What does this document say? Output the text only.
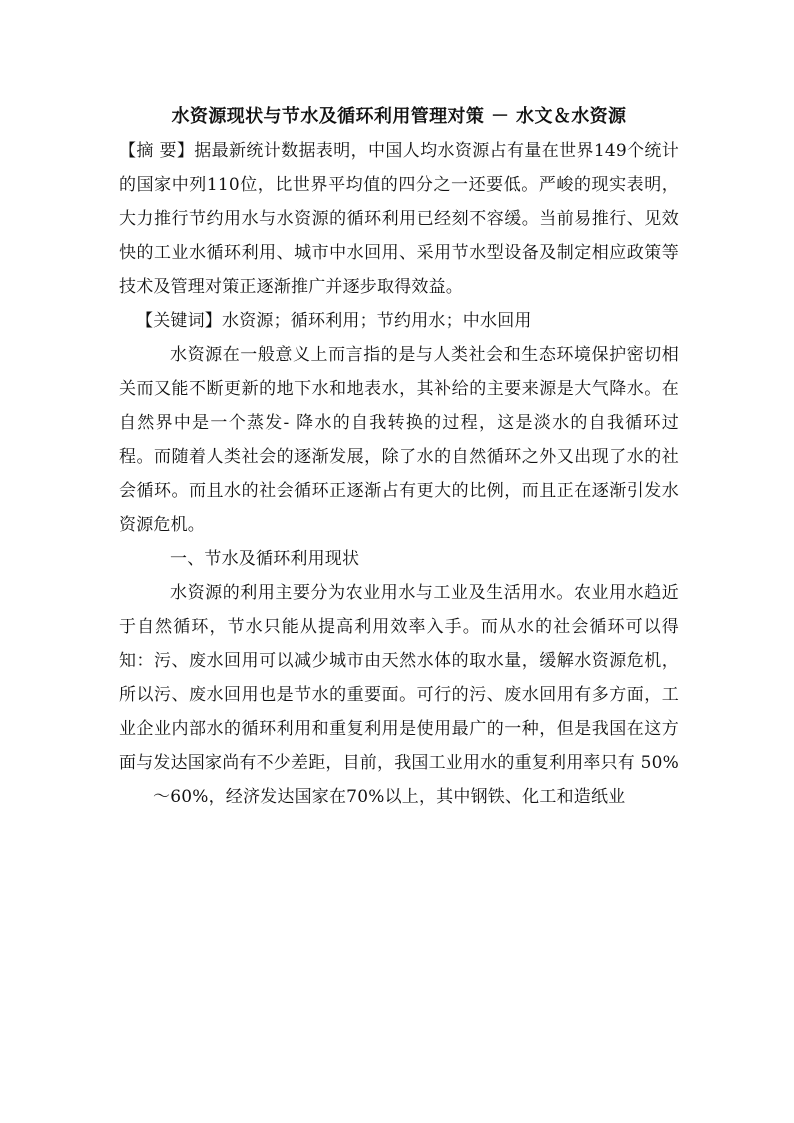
水资源现状与节水及循环利用管理对策 － 水文＆水资源

【摘 要】据最新统计数据表明，中国人均水资源占有量在世界149个统计的国家中列110位，比世界平均值的四分之一还要低。严峻的现实表明，大力推行节约用水与水资源的循环利用已经刻不容缓。当前易推行、见效快的工业水循环利用、城市中水回用、采用节水型设备及制定相应政策等技术及管理对策正逐渐推广并逐步取得效益。

【关键词】水资源；循环利用；节约用水；中水回用

水资源在一般意义上而言指的是与人类社会和生态环境保护密切相关而又能不断更新的地下水和地表水，其补给的主要来源是大气降水。在自然界中是一个蒸发- 降水的自我转换的过程，这是淡水的自我循环过程。而随着人类社会的逐渐发展，除了水的自然循环之外又出现了水的社会循环。而且水的社会循环正逐渐占有更大的比例，而且正在逐渐引发水资源危机。

一、节水及循环利用现状

水资源的利用主要分为农业用水与工业及生活用水。农业用水趋近于自然循环，节水只能从提高利用效率入手。而从水的社会循环可以得知：污、废水回用可以减少城市由天然水体的取水量，缓解水资源危机，所以污、废水回用也是节水的重要面。可行的污、废水回用有多方面，工业企业内部水的循环利用和重复利用是使用最广的一种，但是我国在这方面与发达国家尚有不少差距，目前，我国工业用水的重复利用率只有 50%

～60%，经济发达国家在70%以上，其中钢铁、化工和造纸业
